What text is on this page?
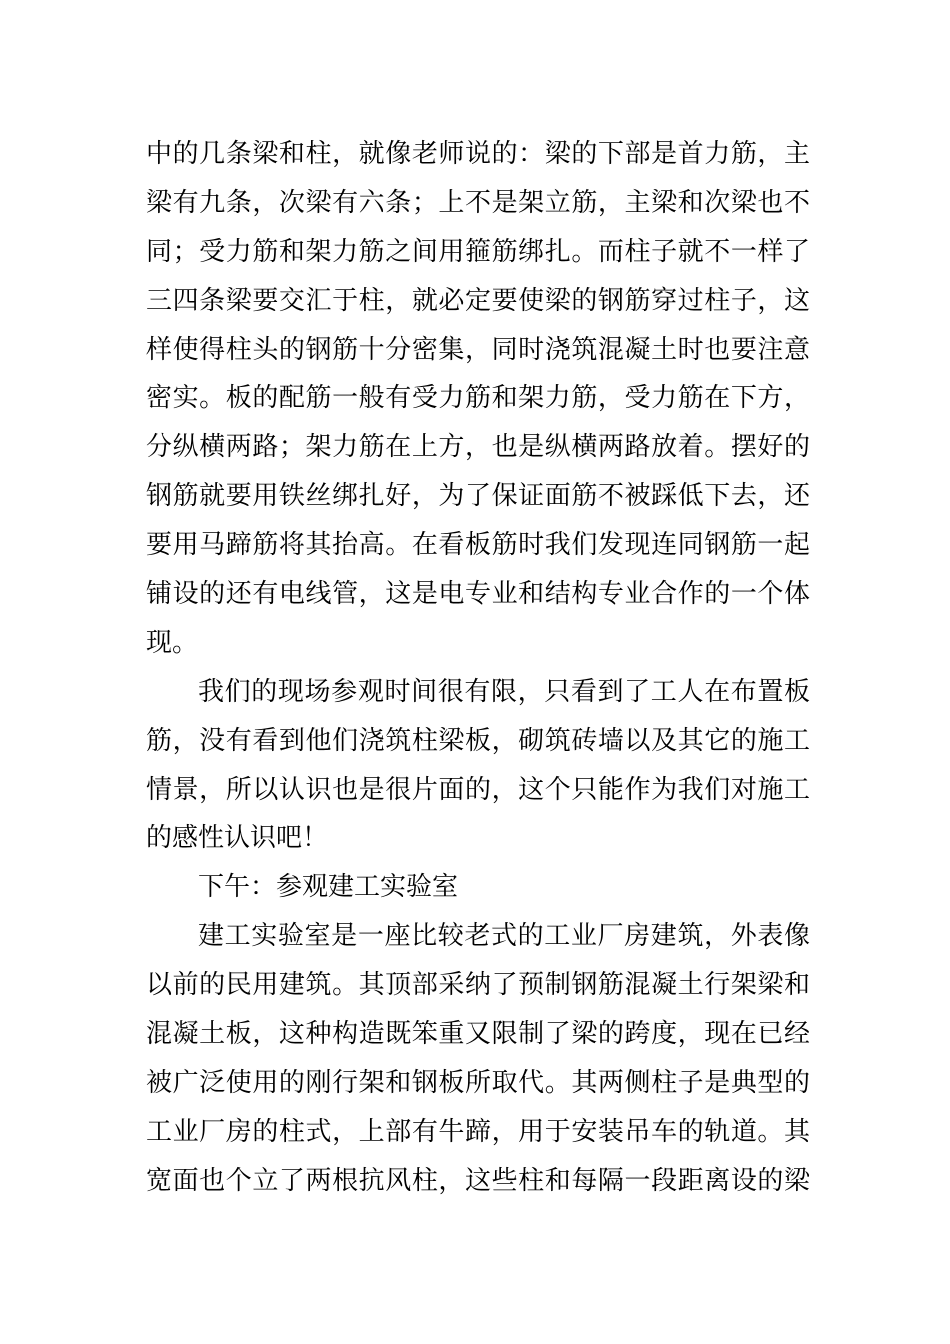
中的几条梁和柱，就像老师说的：梁的下部是首力筋，主
梁有九条，次梁有六条；上不是架立筋，主梁和次梁也不
同；受力筋和架力筋之间用箍筋绑扎。而柱子就不一样了
三四条梁要交汇于柱，就必定要使梁的钢筋穿过柱子，这
样使得柱头的钢筋十分密集，同时浇筑混凝土时也要注意
密实。板的配筋一般有受力筋和架力筋，受力筋在下方，
分纵横两路；架力筋在上方，也是纵横两路放着。摆好的
钢筋就要用铁丝绑扎好，为了保证面筋不被踩低下去，还
要用马蹄筋将其抬高。在看板筋时我们发现连同钢筋一起
铺设的还有电线管，这是电专业和结构专业合作的一个体
现。
我们的现场参观时间很有限，只看到了工人在布置板
筋，没有看到他们浇筑柱梁板，砌筑砖墙以及其它的施工
情景，所以认识也是很片面的，这个只能作为我们对施工
的感性认识吧！
下午：参观建工实验室
建工实验室是一座比较老式的工业厂房建筑，外表像
以前的民用建筑。其顶部采纳了预制钢筋混凝土行架梁和
混凝土板，这种构造既笨重又限制了梁的跨度，现在已经
被广泛使用的刚行架和钢板所取代。其两侧柱子是典型的
工业厂房的柱式，上部有牛蹄，用于安装吊车的轨道。其
宽面也个立了两根抗风柱，这些柱和每隔一段距离设的梁
